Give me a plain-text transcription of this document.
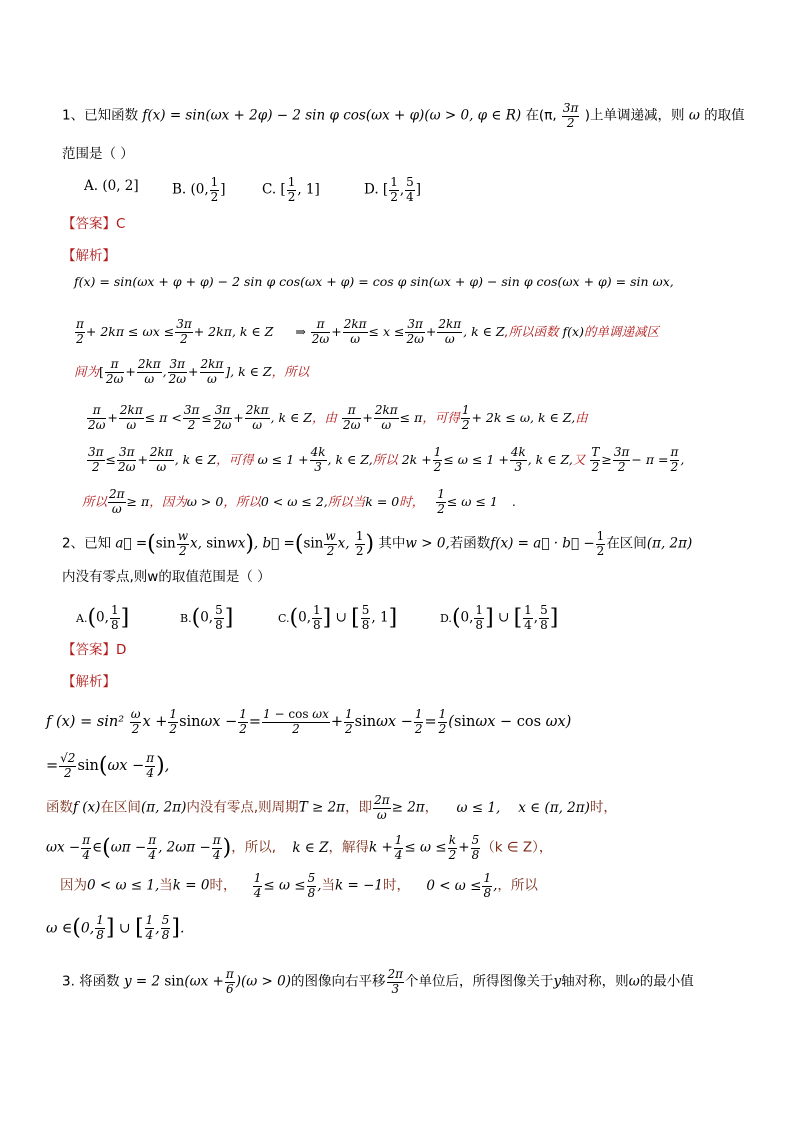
1、已知函数 f(x) = sin(ωx + 2φ) − 2 sin φ cos(ωx + φ)(ω > 0, φ ∈ R) 在(π, $\frac{3\pi}{2}$ )上单调递减，则 ω 的取值
范围是（ ）
A. (0, 2] B. (0, $\frac{1}{2}$ ]	C. [ $\frac{1}{2}$ , 1]	D. [ $\frac{1}{2}$ , $\frac{5}{4}$ ]
【答案】C
【解析】
f(x) = sin(ωx + φ + φ) − 2 sin φ cos(ωx + φ) = cos φ sin(ωx + φ) − sin φ cos(ωx + φ) = sin ωx,
$\frac{\pi}{2} + 2k\pi \le \omega x \le \frac{3\pi}{2} + 2k\pi$, k ∈ Z ⇒ $\frac{\pi}{2\omega} + \frac{2k\pi}{\omega} \le x \le \frac{3\pi}{2\omega} + \frac{2k\pi}{\omega}$ , k ∈ Z,所以函数 f(x)的单调递减区
间为[ $\frac{\pi}{2\omega} + \frac{2k\pi}{\omega}$ , $\frac{3\pi}{2\omega} + \frac{2k\pi}{\omega}$ ], k ∈ Z，所以
$\frac{\pi}{2\omega} + \frac{2k\pi}{\omega} \le \pi < \frac{3\pi}{2} \le \frac{3\pi}{2\omega} + \frac{2k\pi}{\omega}$ , k ∈ Z，由 $\frac{\pi}{2\omega} + \frac{2k\pi}{\omega} \le \pi$，可得 $\frac{1}{2} + 2k \le \omega$, k ∈ Z,由
$\frac{3\pi}{2} \le \frac{3\pi}{2\omega} + \frac{2k\pi}{\omega}$ , k ∈ Z，可得 $\omega \le 1 + \frac{4k}{3}$ , k ∈ Z,所以 $2k + \frac{1}{2} \le \omega \le 1 + \frac{4k}{3}$ , k ∈ Z,又 $\frac{T}{2} \ge \frac{3\pi}{2} - \pi = \frac{\pi}{2}$ ,
所以 $\frac{2\pi}{\omega} \ge \pi$，因为ω > 0，所以0 < ω ≤ 2,所以当k = 0时， $\frac{1}{2} \le \omega \le 1$ .
2、已知 a⃗ $=(\sin \frac{w}{2} x$, sinwx), b⃗ $=(\sin \frac{w}{2} x$, $\frac{1}{2}$ ) 其中w > 0,若函数f(x) = a⃗ · b⃗ − $\frac{1}{2}$ 在区间(π, 2π)
内没有零点,则w的取值范围是（ ）
A.(0, $\frac{1}{8}$ ]	B.(0, $\frac{5}{8}$ ]	C.(0, $\frac{1}{8}$ ] ∪ [ $\frac{5}{8}$ , 1]	D.(0, $\frac{1}{8}$ ] ∪ [ $\frac{1}{4}$ , $\frac{5}{8}$ ]
【答案】D
【解析】
f $(x) = \sin^2 \frac{\omega}{2}$ $x + \frac{1}{2}$ $\sin\omega x - \frac{1}{2} = \frac{\text{1 − cos ωx}}{2} + \frac{1}{2}$ $\sin\omega x - \frac{1}{2} = \frac{1}{2} (\sin\omega x - \cos \omega x)$
= $\frac{√2}{2} \sin(\omega x - \frac{\pi}{4}$ ),
函数f (x)在区间(π, 2π)内没有零点,则周期T ≥ 2π，即 $\frac{2\pi}{\omega} \ge 2\pi$， ω ≤ 1, x ∈ (π, 2π)时，
$\omega x - \frac{\pi}{4}$ ∈(ωπ − $\frac{\pi}{4}$ , $2\omega\pi - \frac{\pi}{4}$ )，所以, k ∈ Z，解得$k + \frac{1}{4} \le \omega \le \frac{k}{2} + \frac{5}{8} (k$ ∈ Z），
因为0 < ω ≤ 1,当k = 0时， $\frac{1}{4} \le \omega \le \frac{5}{8}$ ,当k = −1时， $0 < \omega \le \frac{1}{8}$ ,，所以
ω ∈(0, $\frac{1}{8}$ ] ∪ [ $\frac{1}{4}$ , $\frac{5}{8}$ ].
3. 将函数 y = 2 $\sin(\omega x + \frac{\pi}{6} )(\omega > 0)$的图像向右平移 $\frac{2\pi}{3}$ 个单位后，所得图像关于y轴对称，则ω的最小值
